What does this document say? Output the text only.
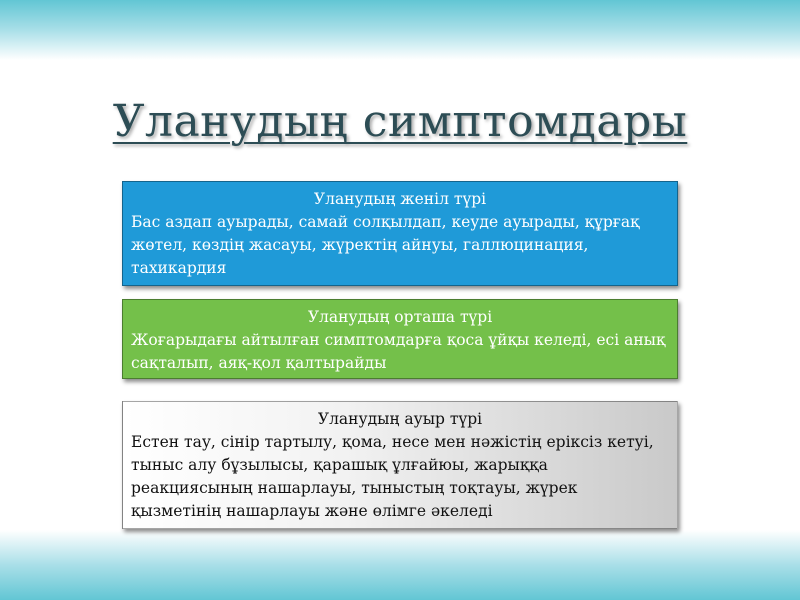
Уланудың симптомдары
Уланудың женіл түрі
Бас аздап ауырады, самай солқылдап, кеуде ауырады, құрғақ жөтел, көздің жасауы, жүректің айнуы, галлюцинация, тахикардия
Уланудың орташа түрі
Жоғарыдағы айтылған симптомдарға қоса ұйқы келеді, есі анық сақталып, аяқ-қол қалтырайды
Уланудың ауыр түрі
Естен тау, сінір тартылу, қома, несе мен нәжістің еріксіз кетуі, тыныс алу бұзылысы, қарашық ұлғайюы, жарыққа реакциясының нашарлауы, тыныстың тоқтауы, жүрек қызметінің нашарлауы және өлімге әкеледі
